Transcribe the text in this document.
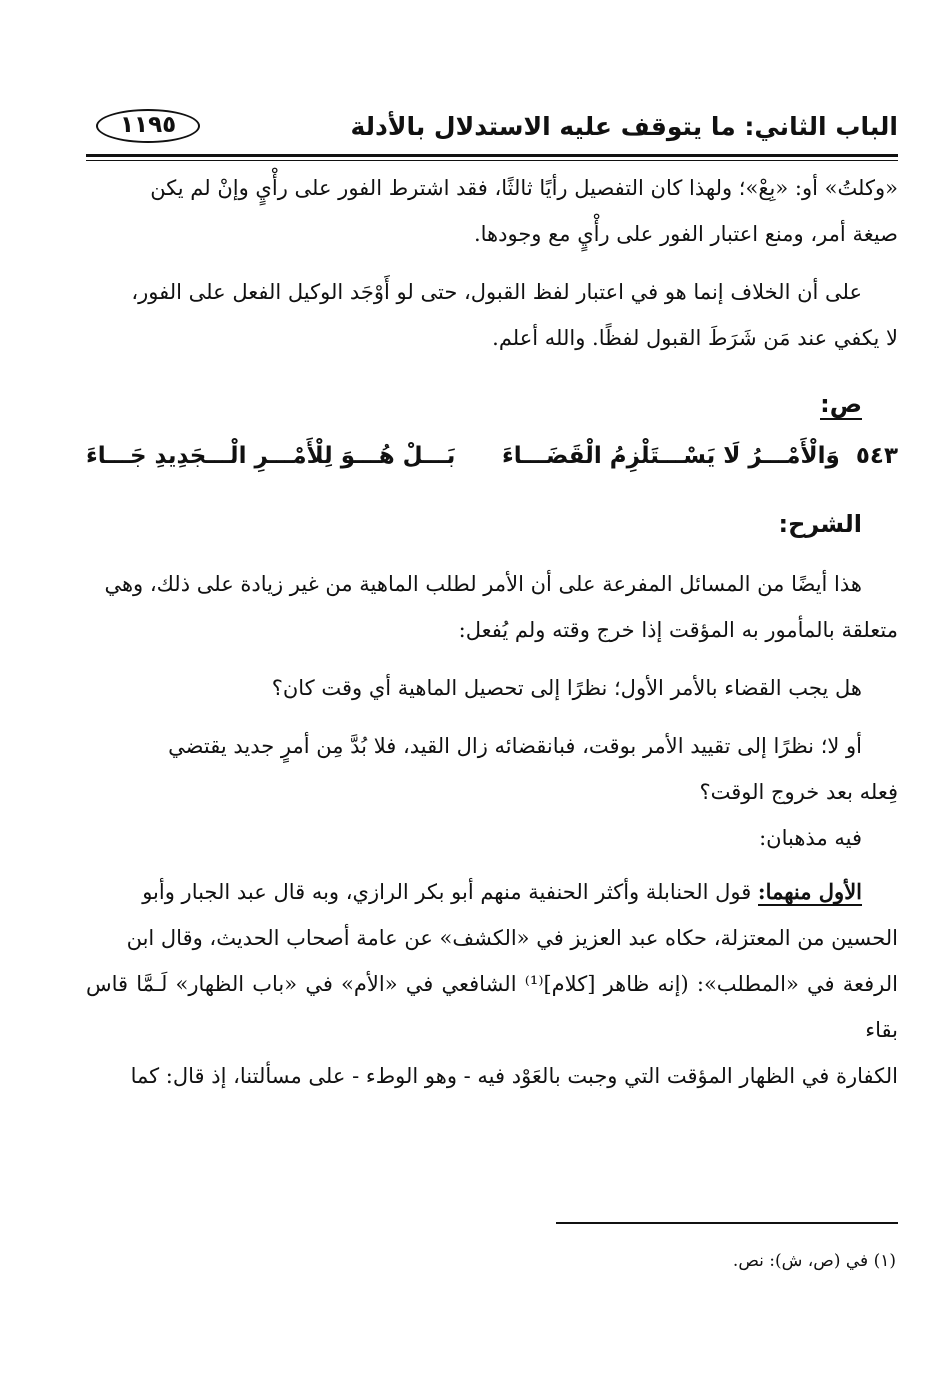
الباب الثاني: ما يتوقف عليه الاستدلال بالأدلة
١١٩٥

«وكلتُ» أو: «بِعْ»؛ ولهذا كان التفصيل رأيًا ثالثًا، فقد اشترط الفور على رأْيٍ وإنْ لم يكن

صيغة أمر، ومنع اعتبار الفور على رأْيٍ مع وجودها.

على أن الخلاف إنما هو في اعتبار لفظ القبول، حتى لو أَوْجَد الوكيل الفعل على الفور،

لا يكفي عند مَن شَرَطَ القبول لفظًا. والله أعلم.

ص:

٥٤٣ وَالْأَمْـــرُ لَا يَسْـــتَلْزِمُ الْقَضَـــاءَ
بَـــلْ هُـــوَ لِلْأَمْـــرِ الْـــجَدِيدِ جَـــاءَ

الشرح:

هذا أيضًا من المسائل المفرعة على أن الأمر لطلب الماهية من غير زيادة على ذلك، وهي

متعلقة بالمأمور به المؤقت إذا خرج وقته ولم يُفعل:

هل يجب القضاء بالأمر الأول؛ نظرًا إلى تحصيل الماهية أي وقت كان؟

أو لا؛ نظرًا إلى تقييد الأمر بوقت، فبانقضائه زال القيد، فلا بُدَّ مِن أمرٍ جديد يقتضي

فِعله بعد خروج الوقت؟

فيه مذهبان:

الأول منهما: قول الحنابلة وأكثر الحنفية منهم أبو بكر الرازي، وبه قال عبد الجبار وأبو

الحسين من المعتزلة، حكاه عبد العزيز في «الكشف» عن عامة أصحاب الحديث، وقال ابن

الرفعة في «المطلب»: (إنه ظاهر [كلام]⁽¹⁾ الشافعي في «الأم» في «باب الظهار» لَـمَّا قاس بقاء

الكفارة في الظهار المؤقت التي وجبت بالعَوْد فيه - وهو الوطء - على مسألتنا، إذ قال: كما

(١) في (ص، ش): نص.
